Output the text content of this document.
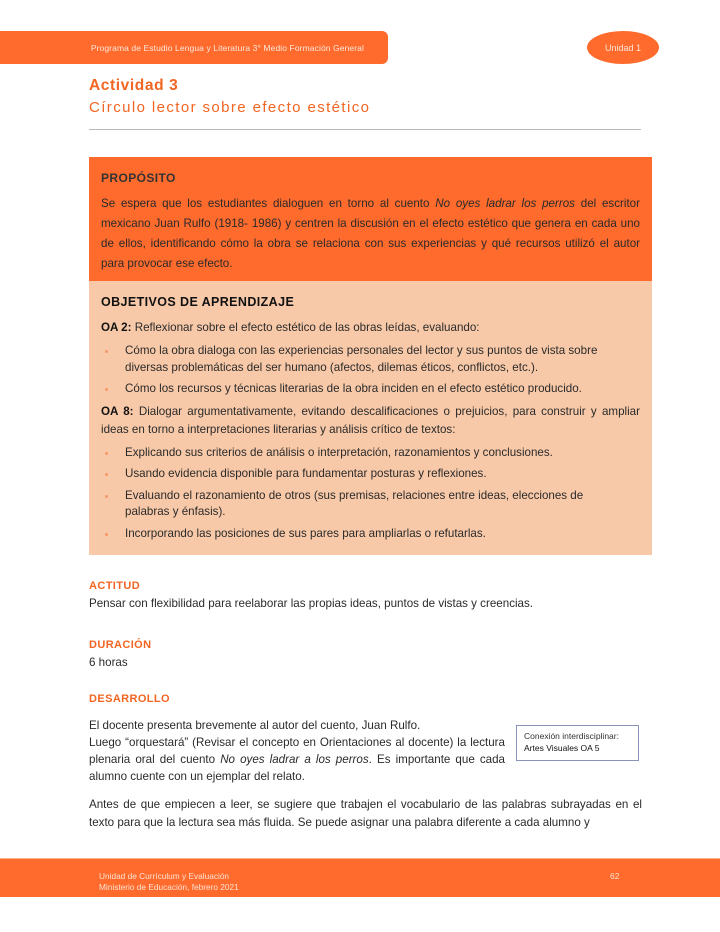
Programa de Estudio Lengua y Literatura 3° Medio Formación General	Unidad 1
Actividad 3
Círculo lector sobre efecto estético
PROPÓSITO

Se espera que los estudiantes dialoguen en torno al cuento No oyes ladrar los perros del escritor mexicano Juan Rulfo (1918- 1986) y centren la discusión en el efecto estético que genera en cada uno de ellos, identificando cómo la obra se relaciona con sus experiencias y qué recursos utilizó el autor para provocar ese efecto.

OBJETIVOS DE APRENDIZAJE
OA 2: Reflexionar sobre el efecto estético de las obras leídas, evaluando:
Cómo la obra dialoga con las experiencias personales del lector y sus puntos de vista sobre diversas problemáticas del ser humano (afectos, dilemas éticos, conflictos, etc.).
Cómo los recursos y técnicas literarias de la obra inciden en el efecto estético producido.
OA 8: Dialogar argumentativamente, evitando descalificaciones o prejuicios, para construir y ampliar ideas en torno a interpretaciones literarias y análisis crítico de textos:
Explicando sus criterios de análisis o interpretación, razonamientos y conclusiones.
Usando evidencia disponible para fundamentar posturas y reflexiones.
Evaluando el razonamiento de otros (sus premisas, relaciones entre ideas, elecciones de palabras y énfasis).
Incorporando las posiciones de sus pares para ampliarlas o refutarlas.
ACTITUD
Pensar con flexibilidad para reelaborar las propias ideas, puntos de vistas y creencias.
DURACIÓN
6 horas
DESARROLLO
El docente presenta brevemente al autor del cuento, Juan Rulfo.
Luego “orquestará” (Revisar el concepto en Orientaciones al docente) la lectura plenaria oral del cuento No oyes ladrar a los perros. Es importante que cada alumno cuente con un ejemplar del relato.
Conexión interdisciplinar:
Artes Visuales OA 5
Antes de que empiecen a leer, se sugiere que trabajen el vocabulario de las palabras subrayadas en el texto para que la lectura sea más fluida. Se puede asignar una palabra diferente a cada alumno y
Unidad de Currículum y Evaluación
Ministerio de Educación, febrero 2021
62
